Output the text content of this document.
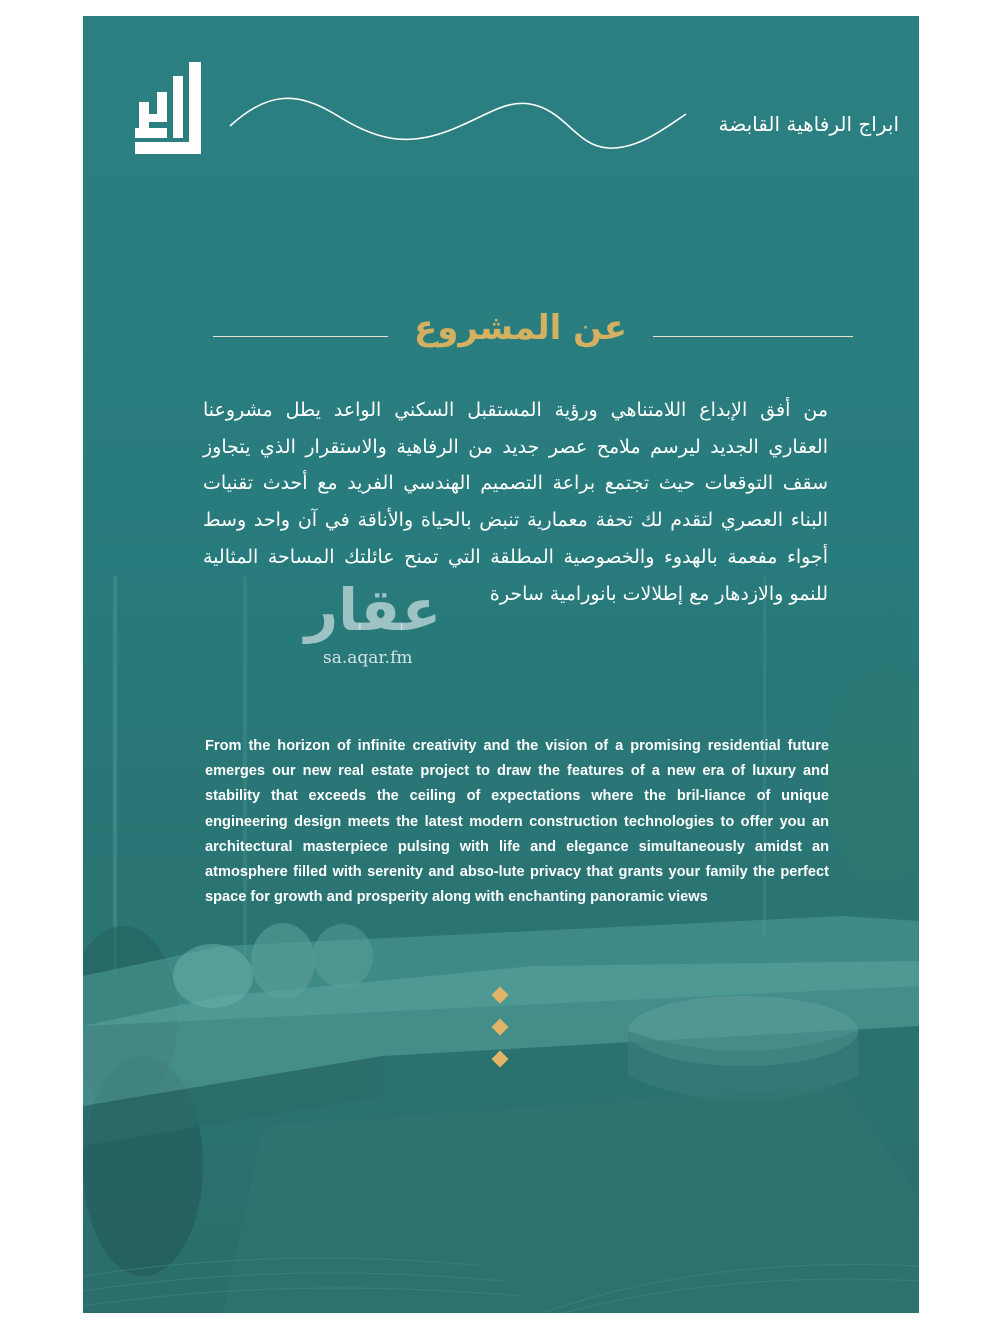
ابراج الرفاهية القابضة
عن المشروع
من أفق الإبداع اللامتناهي ورؤية المستقبل السكني الواعد يطل مشروعنا العقاري الجديد ليرسم ملامح عصر جديد من الرفاهية والاستقرار الذي يتجاوز سقف التوقعات حيث تجتمع براعة التصميم الهندسي الفريد مع أحدث تقنيات البناء العصري لتقدم لك تحفة معمارية تنبض بالحياة والأناقة في آن واحد وسط أجواء مفعمة بالهدوء والخصوصية المطلقة التي تمنح عائلتك المساحة المثالية للنمو والازدهار مع إطلالات بانورامية ساحرة
عقار
sa.aqar.fm
From the horizon of infinite creativity and the vision of a promising residential future emerges our new real estate project to draw the features of a new era of luxury and stability that exceeds the ceiling of expectations where the bril-liance of unique engineering design meets the latest modern construction technologies to offer you an architectural masterpiece pulsing with life and elegance simultaneously amidst an atmosphere filled with serenity and abso-lute privacy that grants your family the perfect space for growth and prosperity along with enchanting panoramic views
